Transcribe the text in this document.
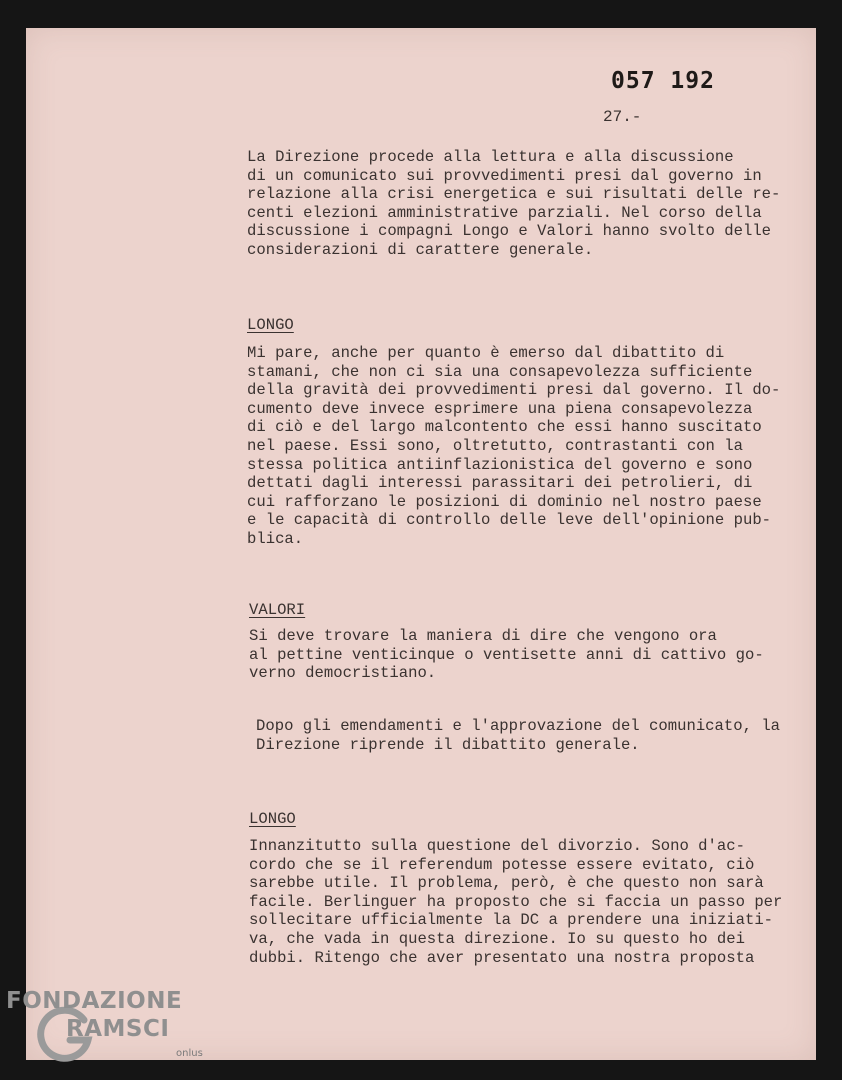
057 192

27.-

La Direzione procede alla lettura e alla discussione
di un comunicato sui provvedimenti presi dal governo in
relazione alla crisi energetica e sui risultati delle re-
centi elezioni amministrative parziali. Nel corso della
discussione i compagni Longo e Valori hanno svolto delle
considerazioni di carattere generale.

LONGO

Mi pare, anche per quanto è emerso dal dibattito di
stamani, che non ci sia una consapevolezza sufficiente
della gravità dei provvedimenti presi dal governo. Il do-
cumento deve invece esprimere una piena consapevolezza
di ciò e del largo malcontento che essi hanno suscitato
nel paese. Essi sono, oltretutto, contrastanti con la
stessa politica antiinflazionistica del governo e sono
dettati dagli interessi parassitari dei petrolieri, di
cui rafforzano le posizioni di dominio nel nostro paese
e le capacità di controllo delle leve dell'opinione pub-
blica.

VALORI

Si deve trovare la maniera di dire che vengono ora
al pettine venticinque o ventisette anni di cattivo go-
verno democristiano.
Dopo gli emendamenti e l'approvazione del comunicato, la
Direzione riprende il dibattito generale.

LONGO

Innanzitutto sulla questione del divorzio. Sono d'ac-
cordo che se il referendum potesse essere evitato, ciò
sarebbe utile. Il problema, però, è che questo non sarà
facile. Berlinguer ha proposto che si faccia un passo per
sollecitare ufficialmente la DC a prendere una iniziati-
va, che vada in questa direzione. Io su questo ho dei
dubbi. Ritengo che aver presentato una nostra proposta

FONDAZIONE

RAMSCI

onlus
